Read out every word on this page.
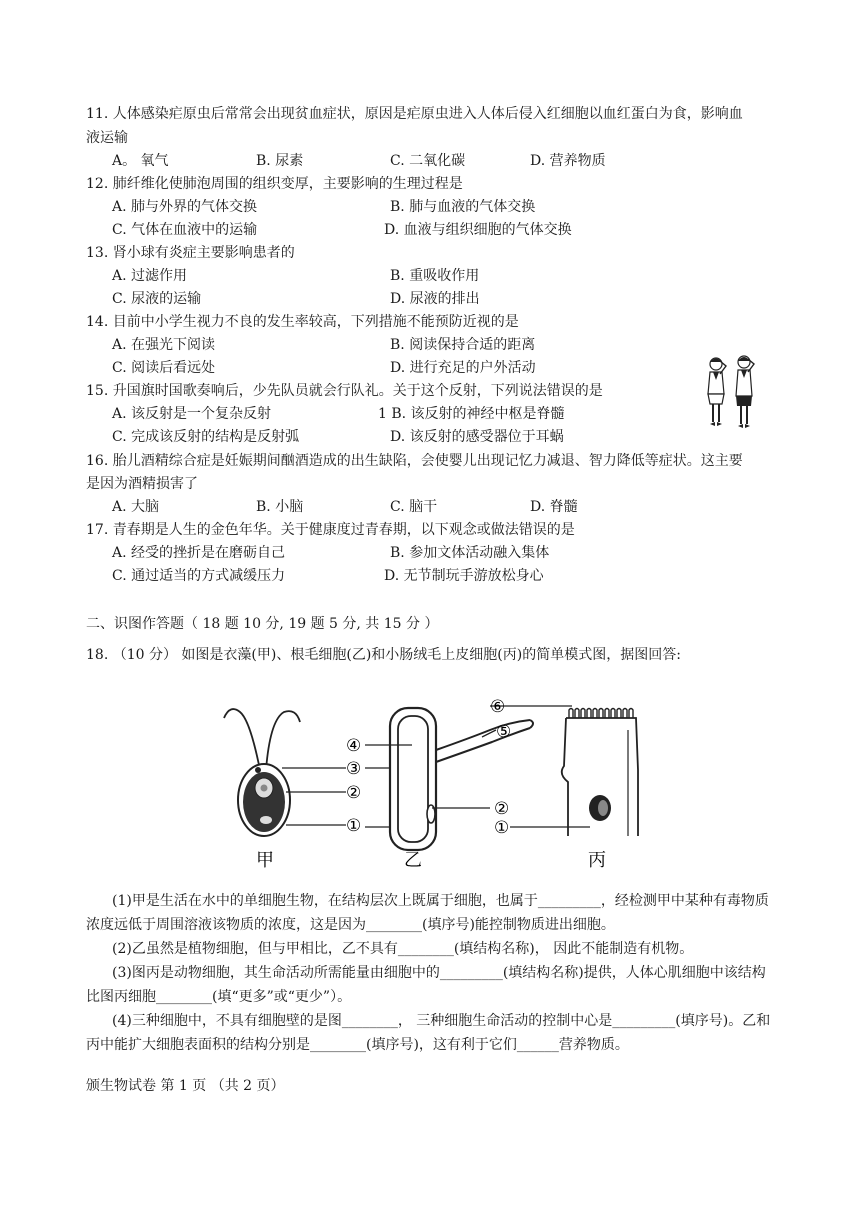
11. 人体感染疟原虫后常常会出现贫血症状，原因是疟原虫进入人体后侵入红细胞以血红蛋白为食，影响血
液运输
A。 氧气	B. 尿素	C. 二氧化碳	D. 营养物质
12. 肺纤维化使肺泡周围的组织变厚，主要影响的生理过程是
A. 肺与外界的气体交换	B. 肺与血液的气体交换
C. 气体在血液中的运输	D. 血液与组织细胞的气体交换
13. 肾小球有炎症主要影响患者的
A. 过滤作用	B. 重吸收作用
C. 尿液的运输	D. 尿液的排出
14. 目前中小学生视力不良的发生率较高，下列措施不能预防近视的是
A. 在强光下阅读	B. 阅读保持合适的距离
C. 阅读后看远处	D. 进行充足的户外活动
15. 升国旗时国歌奏响后，少先队员就会行队礼。关于这个反射，下列说法错误的是
A. 该反射是一个复杂反射	1 B. 该反射的神经中枢是脊髓
C. 完成该反射的结构是反射弧	D. 该反射的感受器位于耳蜗
16. 胎儿酒精综合症是妊娠期间酗酒造成的出生缺陷，会使婴儿出现记忆力减退、智力降低等症状。这主要
是因为酒精损害了
A. 大脑	B. 小脑	C. 脑干	D. 脊髓
17. 青春期是人生的金色年华。关于健康度过青春期，以下观念或做法错误的是
A. 经受的挫折是在磨砺自己	B. 参加文体活动融入集体
C. 通过适当的方式减缓压力	D. 无节制玩手游放松身心
二、识图作答题（ 18 题 10 分, 19 题 5 分, 共 15 分 ）
18. （10 分） 如图是衣藻(甲)、根毛细胞(乙)和小肠绒毛上皮细胞(丙)的简单模式图，据图回答:
③
②
①
④
⑤
⑥
②
①
甲	乙	丙
(1)甲是生活在水中的单细胞生物，在结构层次上既属于细胞，也属于_________，经检测甲中某种有毒物质
浓度远低于周围溶液该物质的浓度，这是因为________(填序号)能控制物质进出细胞。
(2)乙虽然是植物细胞，但与甲相比，乙不具有________(填结构名称)， 因此不能制造有机物。
(3)图丙是动物细胞，其生命活动所需能量由细胞中的_________(填结构名称)提供，人体心肌细胞中该结构
比图丙细胞________(填“更多”或“更少”）。
(4)三种细胞中，不具有细胞壁的是图________， 三种细胞生命活动的控制中心是_________(填序号)。乙和
丙中能扩大细胞表面积的结构分别是________(填序号)，这有利于它们______营养物质。
颁生物试卷 第 1 页 （共 2 页）
